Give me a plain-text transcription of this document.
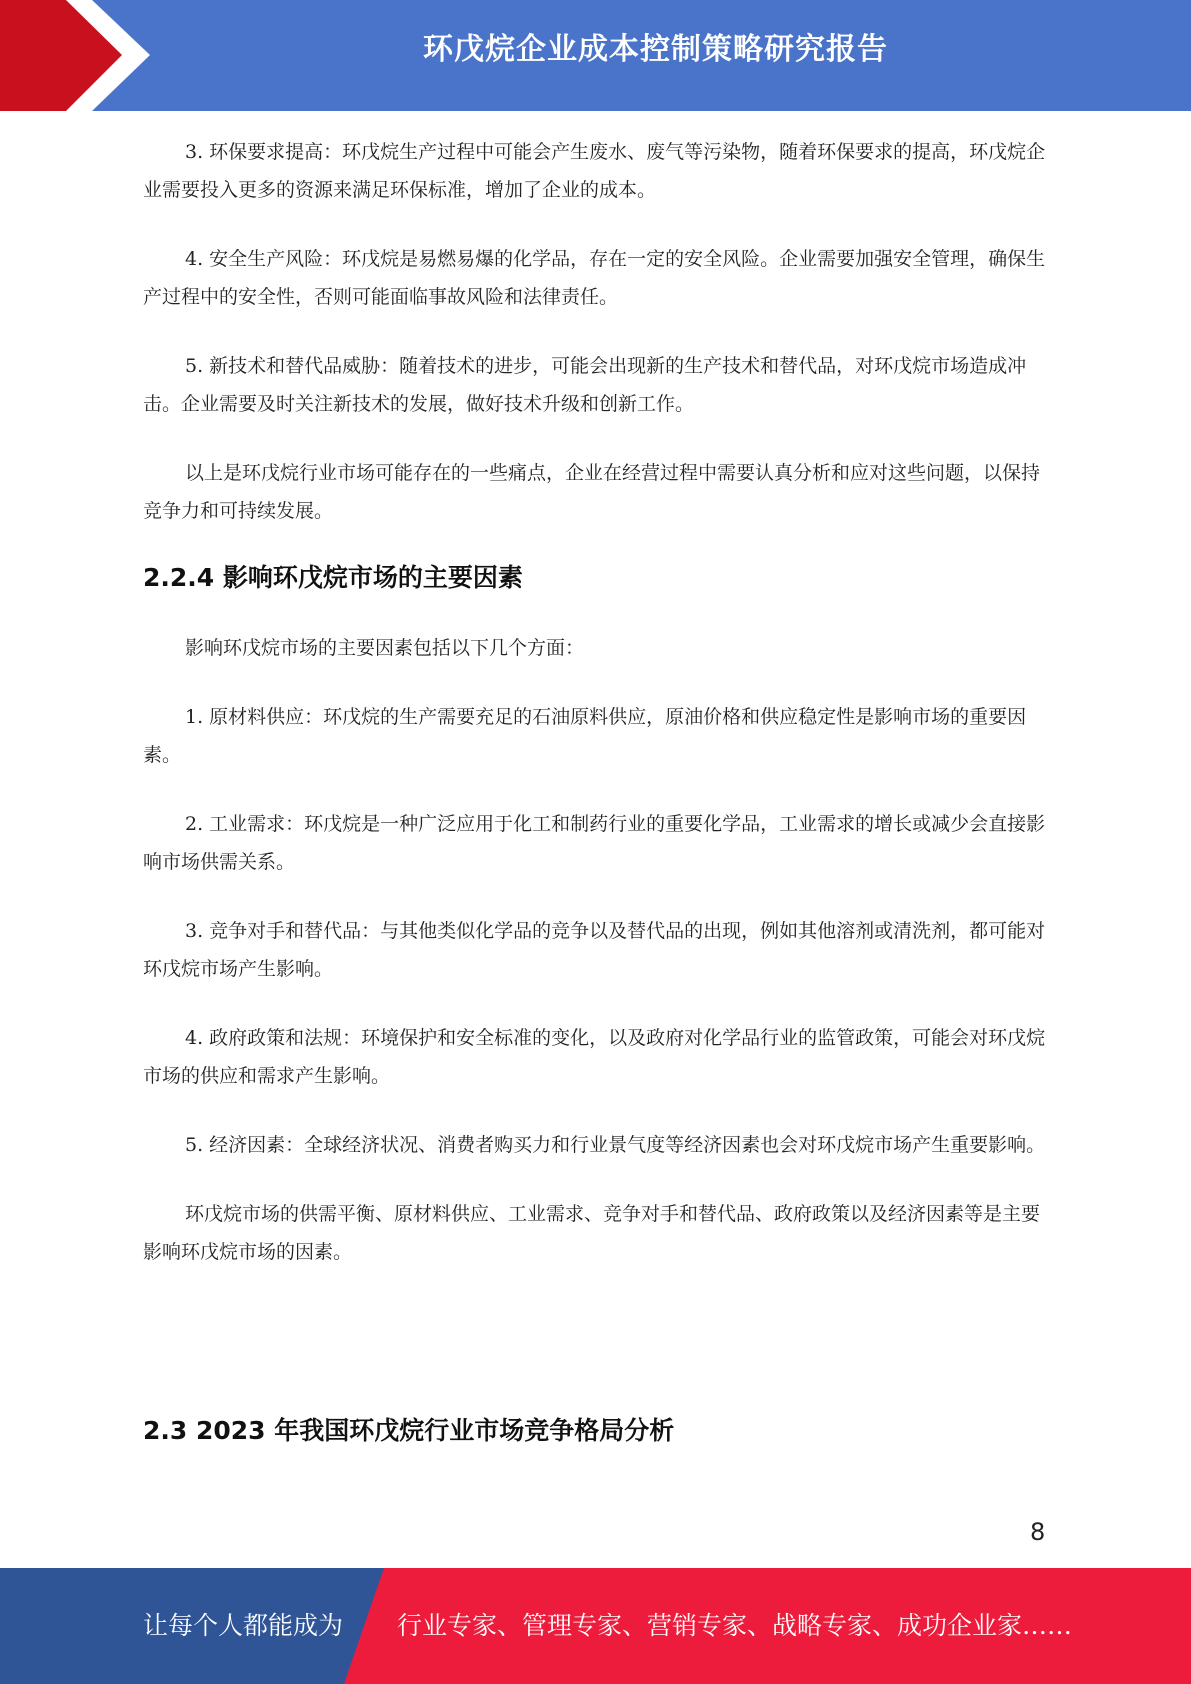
环戊烷企业成本控制策略研究报告

3. 环保要求提高：环戊烷生产过程中可能会产生废水、废气等污染物，随着环保要求的提高，环戊烷企业需要投入更多的资源来满足环保标准，增加了企业的成本。

4. 安全生产风险：环戊烷是易燃易爆的化学品，存在一定的安全风险。企业需要加强安全管理，确保生产过程中的安全性，否则可能面临事故风险和法律责任。

5. 新技术和替代品威胁：随着技术的进步，可能会出现新的生产技术和替代品，对环戊烷市场造成冲击。企业需要及时关注新技术的发展，做好技术升级和创新工作。

以上是环戊烷行业市场可能存在的一些痛点，企业在经营过程中需要认真分析和应对这些问题，以保持竞争力和可持续发展。

2.2.4 影响环戊烷市场的主要因素

影响环戊烷市场的主要因素包括以下几个方面：

1. 原材料供应：环戊烷的生产需要充足的石油原料供应，原油价格和供应稳定性是影响市场的重要因素。

2. 工业需求：环戊烷是一种广泛应用于化工和制药行业的重要化学品，工业需求的增长或减少会直接影响市场供需关系。

3. 竞争对手和替代品：与其他类似化学品的竞争以及替代品的出现，例如其他溶剂或清洗剂，都可能对环戊烷市场产生影响。

4. 政府政策和法规：环境保护和安全标准的变化，以及政府对化学品行业的监管政策，可能会对环戊烷市场的供应和需求产生影响。

5. 经济因素：全球经济状况、消费者购买力和行业景气度等经济因素也会对环戊烷市场产生重要影响。

环戊烷市场的供需平衡、原材料供应、工业需求、竞争对手和替代品、政府政策以及经济因素等是主要影响环戊烷市场的因素。

2.3 2023 年我国环戊烷行业市场竞争格局分析
8
让每个人都能成为 行业专家、管理专家、营销专家、战略专家、成功企业家……
